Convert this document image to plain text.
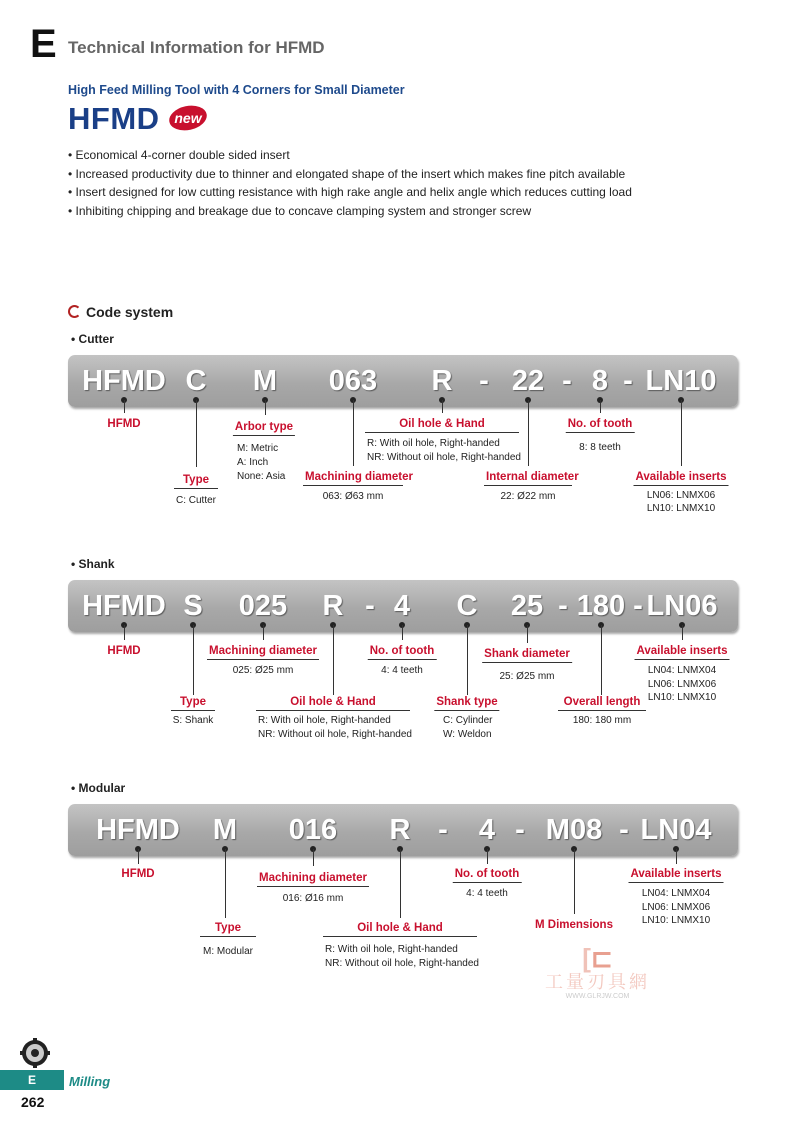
E Technical Information for HFMD
High Feed Milling Tool with 4 Corners for Small Diameter
HFMD new
• Economical 4-corner double sided insert
• Increased productivity due to thinner and elongated shape of the insert which makes fine pitch available
• Insert designed for low cutting resistance with high rake angle and helix angle which reduces cutting load
• Inhibiting chipping and breakage due to concave clamping system and stronger screw
Code system
• Cutter
HFMD C M 063 R - 22 - 8 - LN10
HFMD
Type
C: Cutter
Arbor type
M: Metric
A: Inch
None: Asia Machining diameter
063: Ø63 mm
Oil hole & Hand
R: With oil hole, Right-handed
NR: Without oil hole, Right-handed
Internal diameter
22: Ø22 mm
No. of tooth
8: 8 teeth
Available inserts
LN06: LNMX06
LN10: LNMX10
• Shank
HFMD S 025 R - 4 C 25 - 180 - LN06
HFMD
Type
S: Shank
Machining diameter
025: Ø25 mm
Oil hole & Hand
R: With oil hole, Right-handed
NR: Without oil hole, Right-handed
No. of tooth
4: 4 teeth
Shank type
C: Cylinder
W: Weldon
Shank diameter
25: Ø25 mm
Overall length
180: 180 mm
Available inserts
LN04: LNMX04
LN06: LNMX06
LN10: LNMX10
• Modular
HFMD M 016 R - 4 - M08 - LN04
HFMD
Type
M: Modular
Machining diameter
016: Ø16 mm
Oil hole & Hand
R: With oil hole, Right-handed
NR: Without oil hole, Right-handed
No. of tooth
4: 4 teeth
M Dimensions
Available inserts
LN04: LNMX04
LN06: LNMX06
LN10: LNMX10
[⊏
工量刃具網
WWW.GLRJW.COM
E	Milling
262
